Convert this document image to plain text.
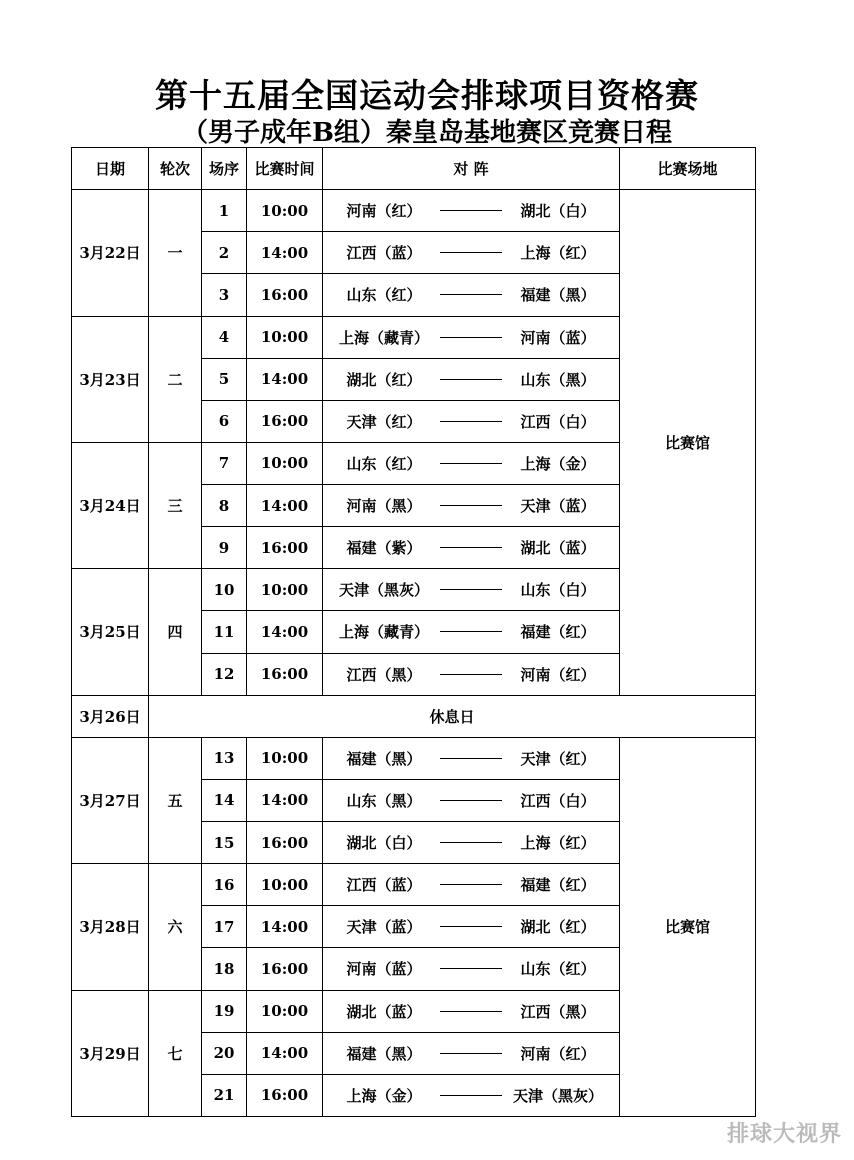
第十五届全国运动会排球项目资格赛
（男子成年B组）秦皇岛基地赛区竞赛日程
日期	轮次	场序	比赛时间	对 阵	比赛场地
3月22日	一	1	10:00	河南（红） 湖北（白）	比赛馆
		2	14:00	江西（蓝） 上海（红）	

		3	16:00	山东（红） 福建（黑）	

3月23日	二	4	10:00	上海（藏青） 河南（蓝）	

		5	14:00	湖北（红） 山东（黑）	

		6	16:00	天津（红） 江西（白）	

3月24日	三	7	10:00	山东（红） 上海（金）	

		8	14:00	河南（黑） 天津（蓝）	

		9	16:00	福建（紫） 湖北（蓝）	

3月25日	四	10	10:00	天津（黑灰） 山东（白）	

		11	14:00	上海（藏青） 福建（红）	

		12	16:00	江西（黑） 河南（红）	

3月26日	休息日				
3月27日	五	13	10:00	福建（黑） 天津（红）	比赛馆
		14	14:00	山东（黑） 江西（白）	

		15	16:00	湖北（白） 上海（红）	

3月28日	六	16	10:00	江西（蓝） 福建（红）	

		17	14:00	天津（蓝） 湖北（红）	

		18	16:00	河南（蓝） 山东（红）	

3月29日	七	19	10:00	湖北（蓝） 江西（黑）	

		20	14:00	福建（黑） 河南（红）	

		21	16:00	上海（金） 天津（黑灰）	
排球大视界
